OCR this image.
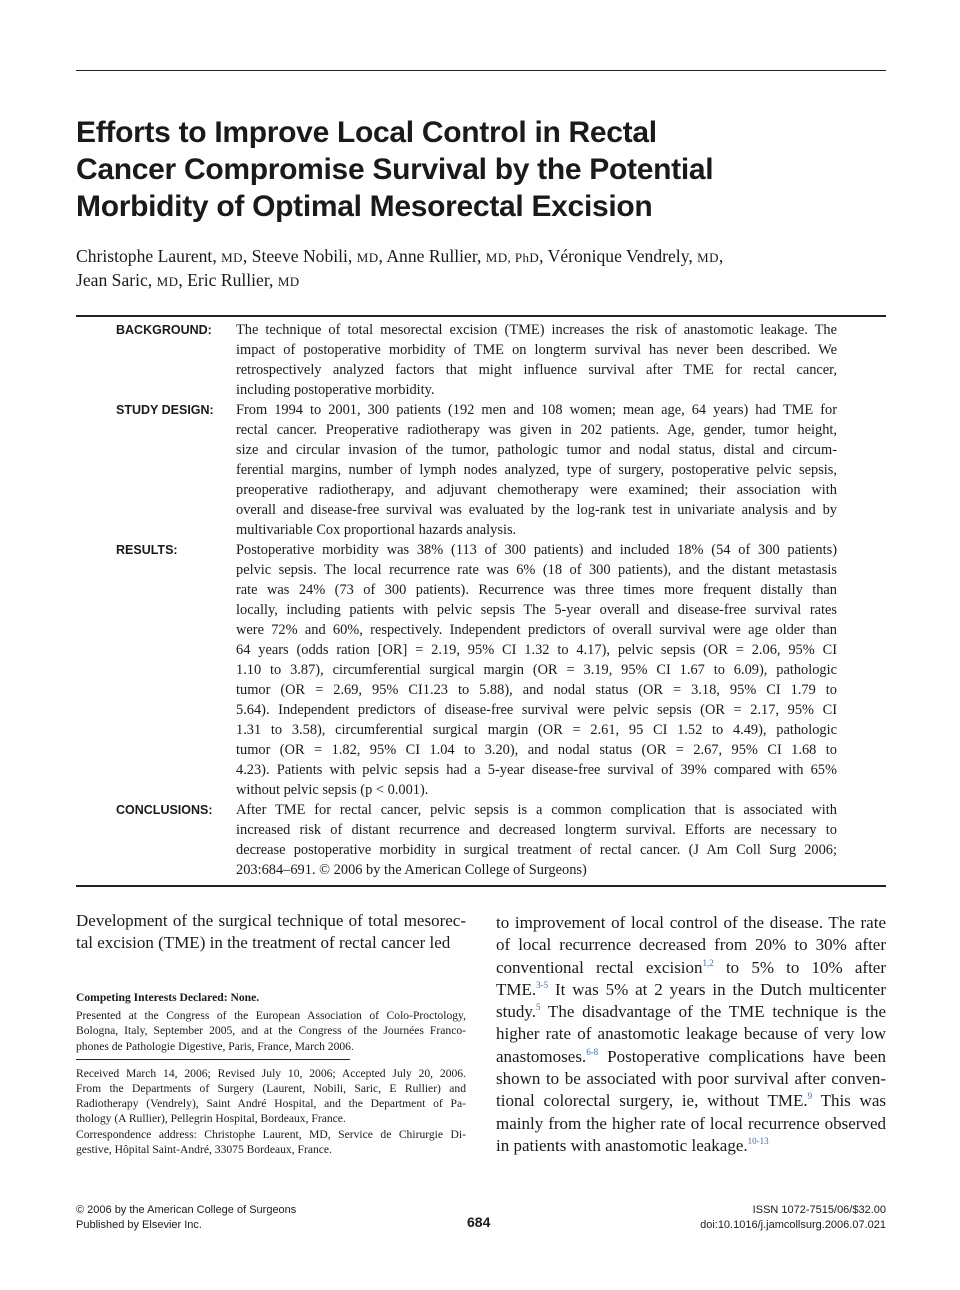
Efforts to Improve Local Control in Rectal
Cancer Compromise Survival by the Potential
Morbidity of Optimal Mesorectal Excision
Christophe Laurent, MD, Steeve Nobili, MD, Anne Rullier, MD, PhD, Véronique Vendrely, MD,
Jean Saric, MD, Eric Rullier, MD
BACKGROUND: The technique of total mesorectal excision (TME) increases the risk of anastomotic leakage. The
impact of postoperative morbidity of TME on longterm survival has never been described. We
retrospectively analyzed factors that might influence survival after TME for rectal cancer,
including postoperative morbidity.
STUDY DESIGN: From 1994 to 2001, 300 patients (192 men and 108 women; mean age, 64 years) had TME for
rectal cancer. Preoperative radiotherapy was given in 202 patients. Age, gender, tumor height,
size and circular invasion of the tumor, pathologic tumor and nodal status, distal and circum-
ferential margins, number of lymph nodes analyzed, type of surgery, postoperative pelvic sepsis,
preoperative radiotherapy, and adjuvant chemotherapy were examined; their association with
overall and disease-free survival was evaluated by the log-rank test in univariate analysis and by
multivariable Cox proportional hazards analysis.
RESULTS:	Postoperative morbidity was 38% (113 of 300 patients) and included 18% (54 of 300 patients)
pelvic sepsis. The local recurrence rate was 6% (18 of 300 patients), and the distant metastasis
rate was 24% (73 of 300 patients). Recurrence was three times more frequent distally than
locally, including patients with pelvic sepsis The 5-year overall and disease-free survival rates
were 72% and 60%, respectively. Independent predictors of overall survival were age older than
64 years (odds ration [OR] = 2.19, 95% CI 1.32 to 4.17), pelvic sepsis (OR = 2.06, 95% CI
1.10 to 3.87), circumferential surgical margin (OR = 3.19, 95% CI 1.67 to 6.09), pathologic
tumor (OR = 2.69, 95% CI1.23 to 5.88), and nodal status (OR = 3.18, 95% CI 1.79 to
5.64). Independent predictors of disease-free survival were pelvic sepsis (OR = 2.17, 95% CI
1.31 to 3.58), circumferential surgical margin (OR = 2.61, 95 CI 1.52 to 4.49), pathologic
tumor (OR = 1.82, 95% CI 1.04 to 3.20), and nodal status (OR = 2.67, 95% CI 1.68 to
4.23). Patients with pelvic sepsis had a 5-year disease-free survival of 39% compared with 65%
without pelvic sepsis (p < 0.001).
CONCLUSIONS: After TME for rectal cancer, pelvic sepsis is a common complication that is associated with
increased risk of distant recurrence and decreased longterm survival. Efforts are necessary to
decrease postoperative morbidity in surgical treatment of rectal cancer. (J Am Coll Surg 2006;
203:684–691. © 2006 by the American College of Surgeons)
Development of the surgical technique of total mesorec-
tal excision (TME) in the treatment of rectal cancer led
Competing Interests Declared: None.
Presented at the Congress of the European Association of Colo-Proctology,
Bologna, Italy, September 2005, and at the Congress of the Journées Franco-
phones de Pathologie Digestive, Paris, France, March 2006.
Received March 14, 2006; Revised July 10, 2006; Accepted July 20, 2006.
From the Departments of Surgery (Laurent, Nobili, Saric, E Rullier) and
Radiotherapy (Vendrely), Saint André Hospital, and the Department of Pa-
thology (A Rullier), Pellegrin Hospital, Bordeaux, France.
Correspondence address: Christophe Laurent, MD, Service de Chirurgie Di-
gestive, Hôpital Saint-André, 33075 Bordeaux, France.
to improvement of local control of the disease. The rate
of local recurrence decreased from 20% to 30% after
conventional rectal excision$^{1,2}$ to 5% to 10% after
TME.$^{3-5}$ It was 5% at 2 years in the Dutch multicenter
study.$^5$ The disadvantage of the TME technique is the
higher rate of anastomotic leakage because of very low
anastomoses.$^{6-8}$ Postoperative complications have been
shown to be associated with poor survival after conven-
tional colorectal surgery, ie, without TME.$^9$ This was
mainly from the higher rate of local recurrence observed
in patients with anastomotic leakage.$^{10-13}$
© 2006 by the American College of Surgeons
Published by Elsevier Inc.	684
ISSN 1072-7515/06/$32.00
doi:10.1016/j.jamcollsurg.2006.07.021
